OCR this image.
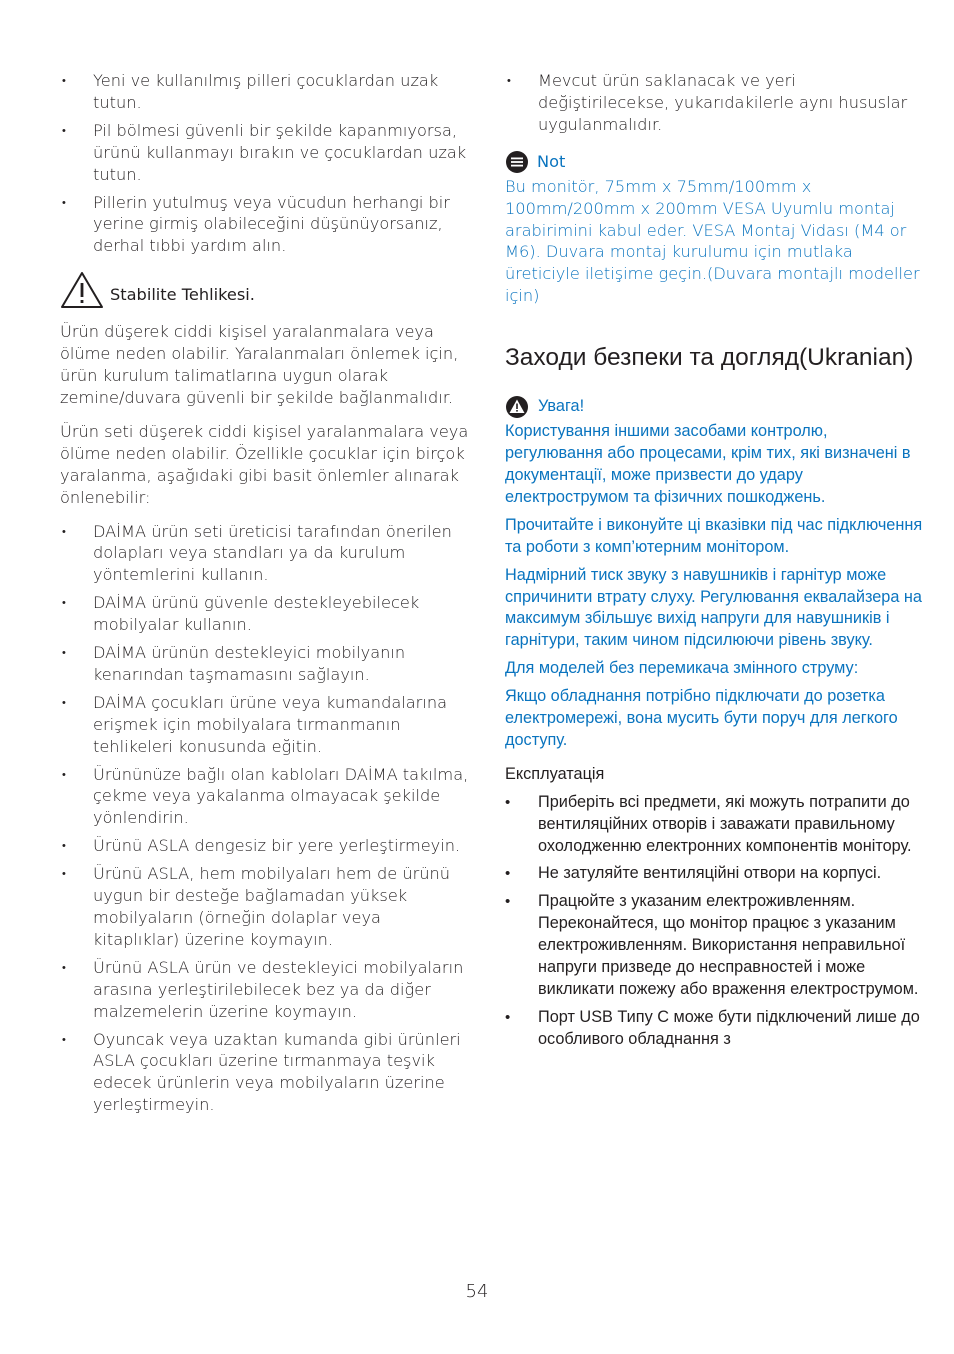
• Yeni ve kullanılmış pilleri çocuklardan uzak tutun.
• Pil bölmesi güvenli bir şekilde kapanmıyorsa, ürünü kullanmayı bırakın ve çocuklardan uzak tutun.
• Pillerin yutulmuş veya vücudun herhangi bir yerine girmiş olabileceğini düşünüyorsanız, derhal tıbbi yardım alın.
Stabilite Tehlikesi.

Ürün düşerek ciddi kişisel yaralanmalara veya ölüme neden olabilir. Yaralanmaları önlemek için, ürün kurulum talimatlarına uygun olarak zemine/duvara güvenli bir şekilde bağlanmalıdır.

Ürün seti düşerek ciddi kişisel yaralanmalara veya ölüme neden olabilir. Özellikle çocuklar için birçok yaralanma, aşağıdaki gibi basit önlemler alınarak önlenebilir:

• DAİMA ürün seti üreticisi tarafından önerilen dolapları veya standları ya da kurulum yöntemlerini kullanın.
• DAİMA ürünü güvenle destekleyebilecek mobilyalar kullanın.
• DAİMA ürünün destekleyici mobilyanın kenarından taşmamasını sağlayın.
• DAİMA çocukları ürüne veya kumandalarına erişmek için mobilyalara tırmanmanın tehlikeleri konusunda eğitin.
• Ürününüze bağlı olan kabloları DAİMA takılma, çekme veya yakalanma olmayacak şekilde yönlendirin.
• Ürünü ASLA dengesiz bir yere yerleştirmeyin.
• Ürünü ASLA, hem mobilyaları hem de ürünü uygun bir desteğe bağlamadan yüksek mobilyaların (örneğin dolaplar veya kitaplıklar) üzerine koymayın.
• Ürünü ASLA ürün ve destekleyici mobilyaların arasına yerleştirilebilecek bez ya da diğer malzemelerin üzerine koymayın.
• Oyuncak veya uzaktan kumanda gibi ürünleri ASLA çocukları üzerine tırmanmaya teşvik edecek ürünlerin veya mobilyaların üzerine yerleştirmeyin.
• Mevcut ürün saklanacak ve yeri değiştirilecekse, yukarıdakilerle aynı hususlar uygulanmalıdır.
Not

Bu monitör, 75mm x 75mm/100mm x 100mm/200mm x 200mm VESA Uyumlu montaj arabirimini kabul eder. VESA Montaj Vidası (M4 or M6). Duvara montaj kurulumu için mutlaka üreticiyle iletişime geçin.(Duvara montajlı modeller için)

Заходи безпеки та догляд(Ukranian)
Увага!

Користування іншими засобами контролю, регулювання або процесами, крім тих, які визначені в документації, може призвести до удару електрострумом та фізичних пошкоджень.

Прочитайте і виконуйте ці вказівки під час підключення та роботи з комп’ютерним монітором.

Надмірний тиск звуку з навушників і гарнітур може спричинити втрату слуху. Регулювання еквалайзера на максимум збільшує вихід напруги для навушників і гарнітури, таким чином підсилюючи рівень звуку.

Для моделей без перемикача змінного струму:

Якщо обладнання потрібно підключати до розетка електромережі, вона мусить бути поруч для легкого доступу.

Експлуатація

• Приберіть всі предмети, які можуть потрапити до вентиляційних отворів і заважати правильному охолодженню електронних компонентів монітору.
• Не затуляйте вентиляційні отвори на корпусі.
• Працюйте з указаним електроживленням. Переконайтеся, що монітор працює з указаним електроживленням. Використання неправильної напруги призведе до несправностей і може викликати пожежу або враження електрострумом.
• Порт USB Типу C може бути підключений лише до особливого обладнання з
54
